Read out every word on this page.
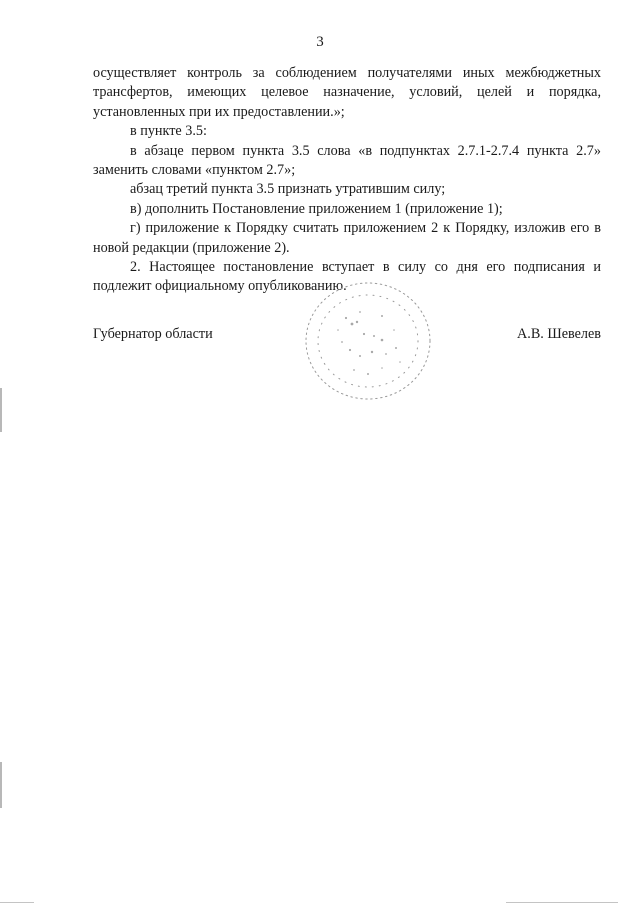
3

осуществляет контроль за соблюдением получателями иных межбюджетных трансфертов, имеющих целевое назначение, условий, целей и порядка, установленных при их предоставлении.»;

в пункте 3.5:

в абзаце первом пункта 3.5 слова «в подпунктах 2.7.1-2.7.4 пункта 2.7» заменить словами «пунктом 2.7»;

абзац третий пункта 3.5 признать утратившим силу;

в) дополнить Постановление приложением 1 (приложение 1);

г) приложение к Порядку считать приложением 2 к Порядку, изложив его в новой редакции (приложение 2).

2. Настоящее постановление вступает в силу со дня его подписания и подлежит официальному опубликованию.

Губернатор области	А.В. Шевелев
